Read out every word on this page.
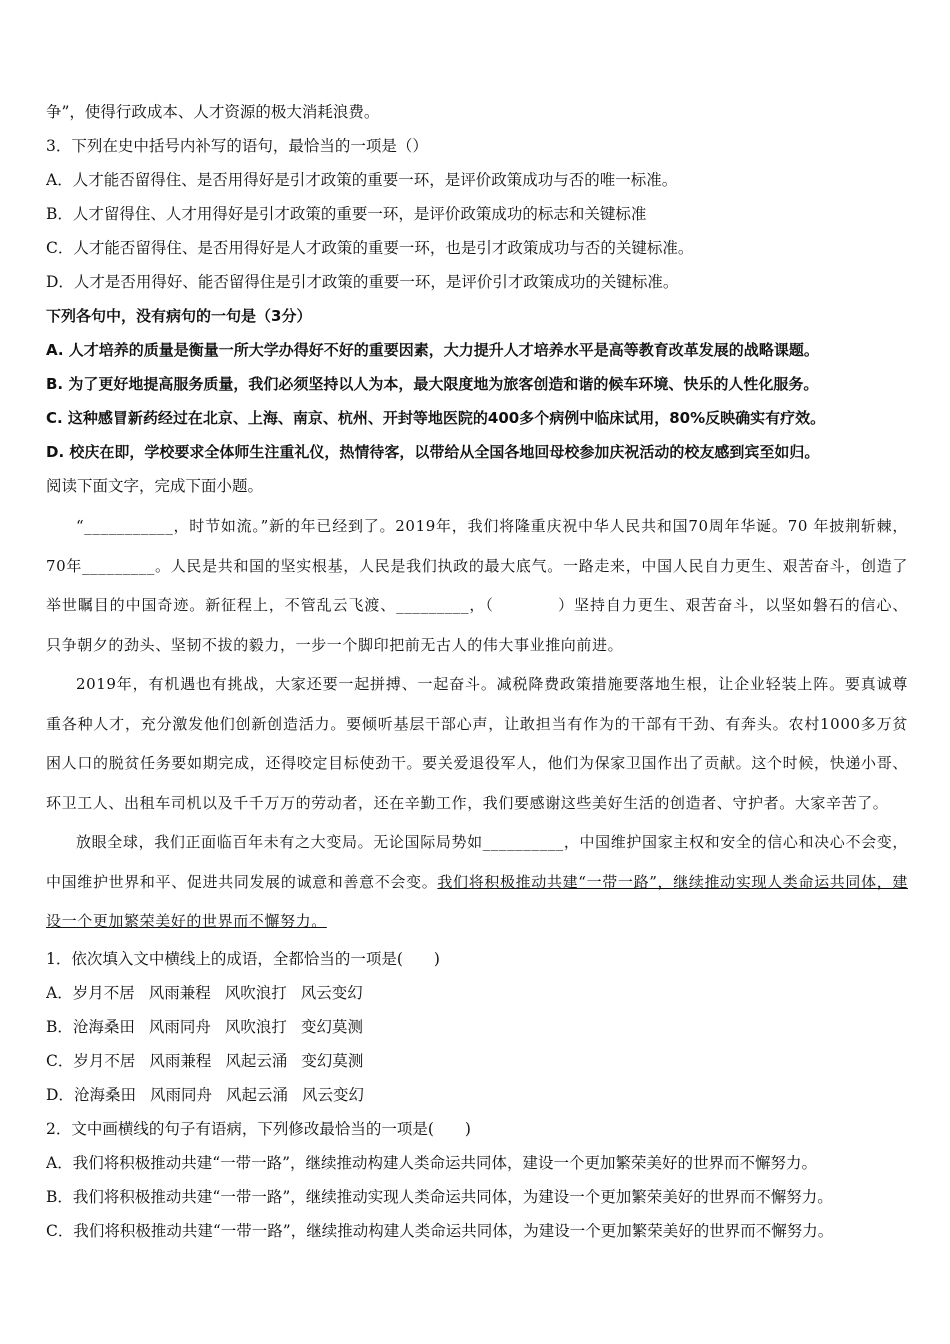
争”，使得行政成本、人才资源的极大消耗浪费。
3．下列在史中括号内补写的语句，最恰当的一项是（）
A．人才能否留得住、是否用得好是引才政策的重要一环，是评价政策成功与否的唯一标准。
B．人才留得住、人才用得好是引才政策的重要一环，是评价政策成功的标志和关键标准
C．人才能否留得住、是否用得好是人才政策的重要一环，也是引才政策成功与否的关键标准。
D．人才是否用得好、能否留得住是引才政策的重要一环，是评价引才政策成功的关键标准。
下列各句中，没有病句的一句是（3分）
A. 人才培养的质量是衡量一所大学办得好不好的重要因素，大力提升人才培养水平是高等教育改革发展的战略课题。
B. 为了更好地提高服务质量，我们必须坚持以人为本，最大限度地为旅客创造和谐的候车环境、快乐的人性化服务。
C. 这种感冒新药经过在北京、上海、南京、杭州、开封等地医院的400多个病例中临床试用，80%反映确实有疗效。
D. 校庆在即，学校要求全体师生注重礼仪，热情待客，以带给从全国各地回母校参加庆祝活动的校友感到宾至如归。
阅读下面文字，完成下面小题。

“___________，时节如流。”新的年已经到了。2019年，我们将隆重庆祝中华人民共和国70周年华诞。70 年披荆斩棘，70年_________。人民是共和国的坚实根基，人民是我们执政的最大底气。一路走来，中国人民自力更生、艰苦奋斗，创造了举世瞩目的中国奇迹。新征程上，不管乱云飞渡、_________，（	）坚持自力更生、艰苦奋斗，以坚如磐石的信心、只争朝夕的劲头、坚韧不拔的毅力，一步一个脚印把前无古人的伟大事业推向前进。

2019年，有机遇也有挑战，大家还要一起拼搏、一起奋斗。减税降费政策措施要落地生根，让企业轻装上阵。要真诚尊重各种人才，充分激发他们创新创造活力。要倾听基层干部心声，让敢担当有作为的干部有干劲、有奔头。农村1000多万贫困人口的脱贫任务要如期完成，还得咬定目标使劲干。要关爱退役军人，他们为保家卫国作出了贡献。这个时候，快递小哥、环卫工人、出租车司机以及千千万万的劳动者，还在辛勤工作，我们要感谢这些美好生活的创造者、守护者。大家辛苦了。

放眼全球，我们正面临百年未有之大变局。无论国际局势如__________，中国维护国家主权和安全的信心和决心不会变，中国维护世界和平、促进共同发展的诚意和善意不会变。我们将积极推动共建“一带一路”，继续推动实现人类命运共同体，建设一个更加繁荣美好的世界而不懈努力。

1．依次填入文中横线上的成语，全都恰当的一项是(　　)
A．岁月不居 风雨兼程 风吹浪打 风云变幻
B．沧海桑田 风雨同舟 风吹浪打 变幻莫测
C．岁月不居 风雨兼程 风起云涌 变幻莫测
D．沧海桑田 风雨同舟 风起云涌 风云变幻
2．文中画横线的句子有语病，下列修改最恰当的一项是(　　)
A．我们将积极推动共建“一带一路”，继续推动构建人类命运共同体，建设一个更加繁荣美好的世界而不懈努力。
B．我们将积极推动共建“一带一路”，继续推动实现人类命运共同体，为建设一个更加繁荣美好的世界而不懈努力。
C．我们将积极推动共建“一带一路”，继续推动构建人类命运共同体，为建设一个更加繁荣美好的世界而不懈努力。
